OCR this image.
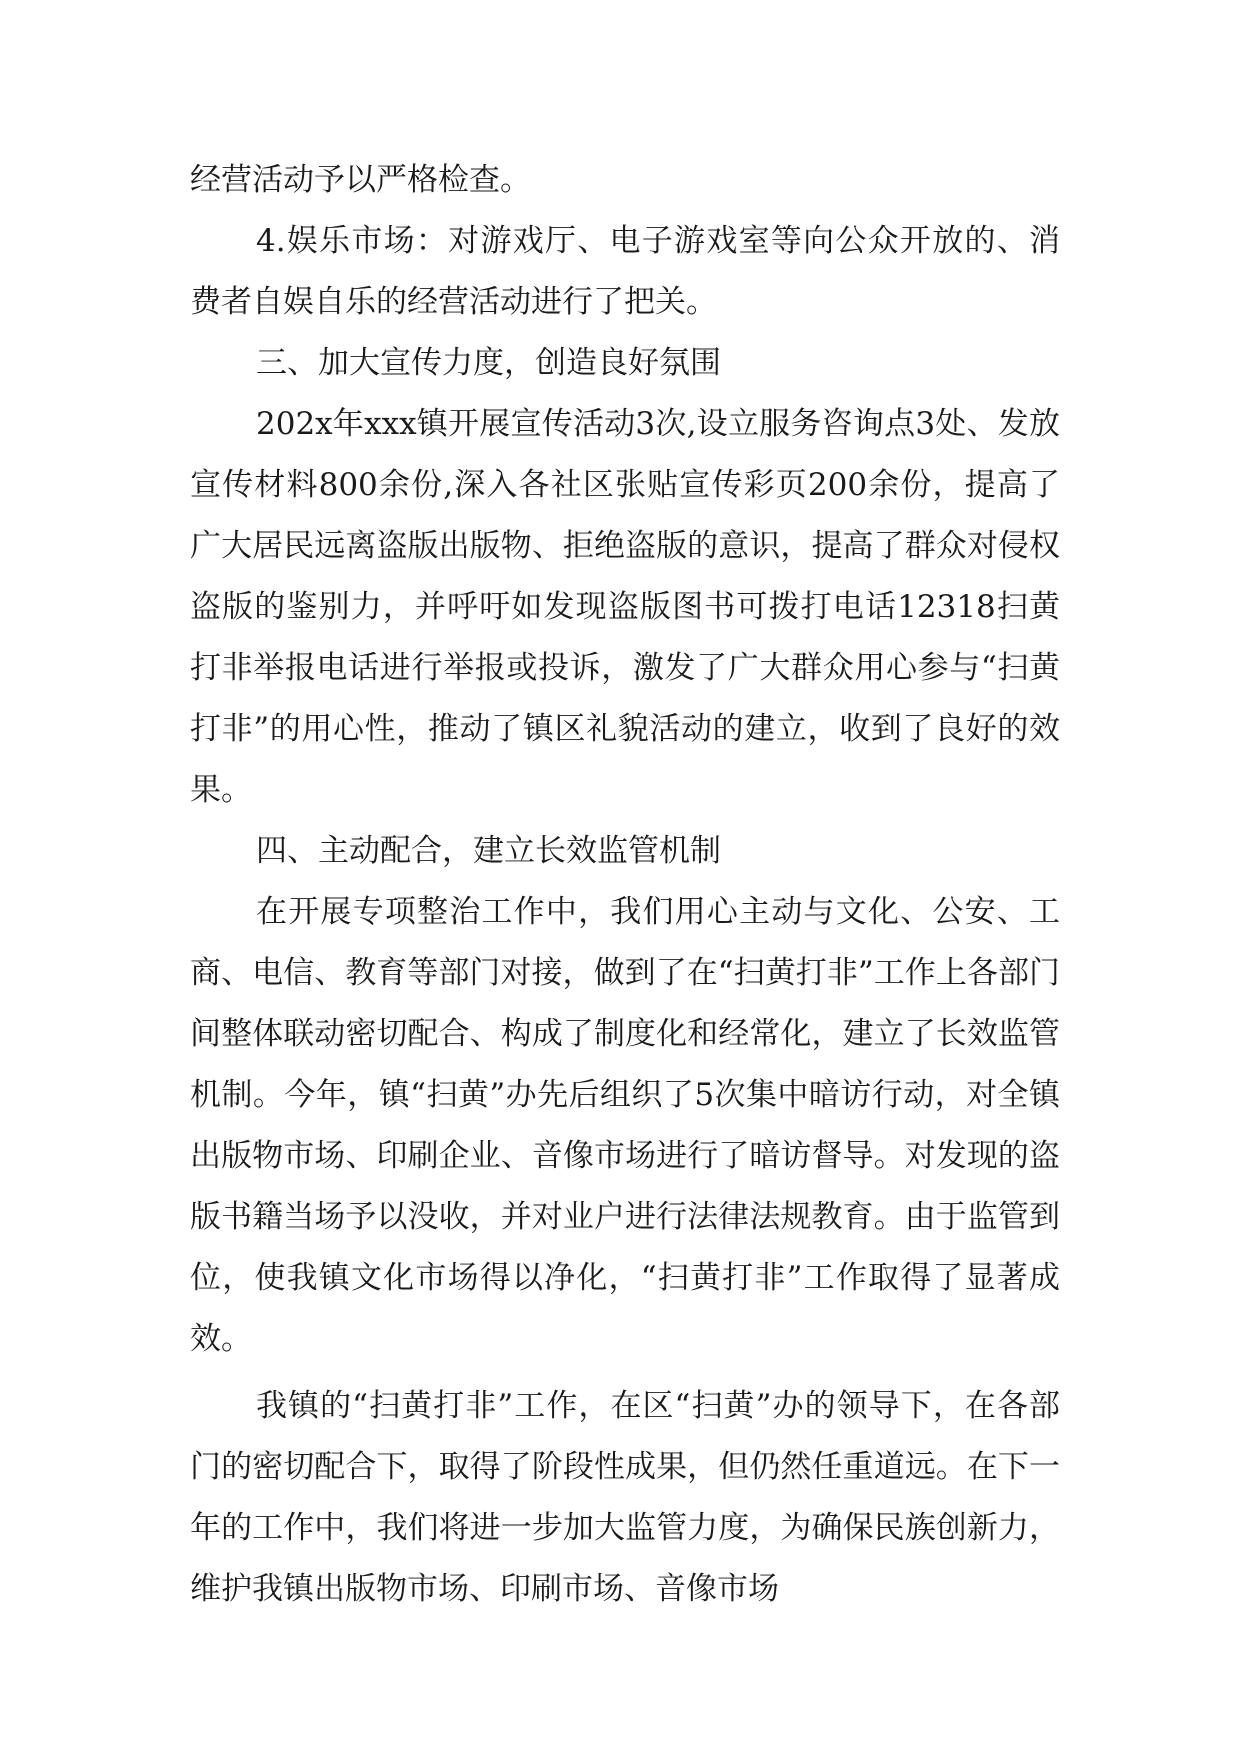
经营活动予以严格检查。

4.娱乐市场：对游戏厅、电子游戏室等向公众开放的、消费者自娱自乐的经营活动进行了把关。

三、加大宣传力度，创造良好氛围

202x年xxx镇开展宣传活动3次,设立服务咨询点3处、发放宣传材料800余份,深入各社区张贴宣传彩页200余份，提高了广大居民远离盗版出版物、拒绝盗版的意识，提高了群众对侵权盗版的鉴别力，并呼吁如发现盗版图书可拨打电话12318扫黄打非举报电话进行举报或投诉，激发了广大群众用心参与“扫黄打非”的用心性，推动了镇区礼貌活动的建立，收到了良好的效果。

四、主动配合，建立长效监管机制

在开展专项整治工作中，我们用心主动与文化、公安、工商、电信、教育等部门对接，做到了在“扫黄打非”工作上各部门间整体联动密切配合、构成了制度化和经常化，建立了长效监管机制。今年，镇“扫黄”办先后组织了5次集中暗访行动，对全镇出版物市场、印刷企业、音像市场进行了暗访督导。对发现的盗版书籍当场予以没收，并对业户进行法律法规教育。由于监管到位，使我镇文化市场得以净化，“扫黄打非”工作取得了显著成效。

我镇的“扫黄打非”工作，在区“扫黄”办的领导下，在各部门的密切配合下，取得了阶段性成果，但仍然任重道远。在下一年的工作中，我们将进一步加大监管力度，为确保民族创新力，维护我镇出版物市场、印刷市场、音像市场
